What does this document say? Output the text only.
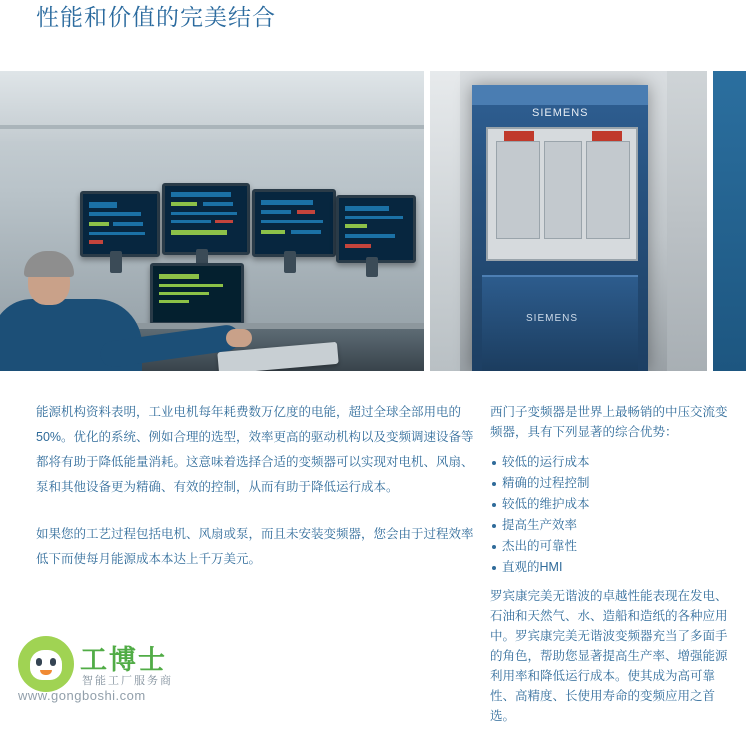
性能和价值的完美结合
SIEMENS
SIEMENS

能源机构资料表明，工业电机每年耗费数万亿度的电能，超过全球全部用电的50%。优化的系统、例如合理的选型，效率更高的驱动机构以及变频调速设备等都将有助于降低能量消耗。这意味着选择合适的变频器可以实现对电机、风扇、泵和其他设备更为精确、有效的控制，从而有助于降低运行成本。

如果您的工艺过程包括电机、风扇或泵，而且未安装变频器，您会由于过程效率低下而使每月能源成本本达上千万美元。

西门子变频器是世界上最畅销的中压交流变频器，具有下列显著的综合优势：

较低的运行成本
精确的过程控制
较低的维护成本
提高生产效率
杰出的可靠性
直观的HMI

罗宾康完美无谐波的卓越性能表现在发电、石油和天然气、水、造船和造纸的各种应用中。罗宾康完美无谐波变频器充当了多面手的角色，帮助您显著提高生产率、增强能源利用率和降低运行成本。使其成为高可靠性、高精度、长使用寿命的变频应用之首选。

工博士
智能工厂服务商
www.gongboshi.com
